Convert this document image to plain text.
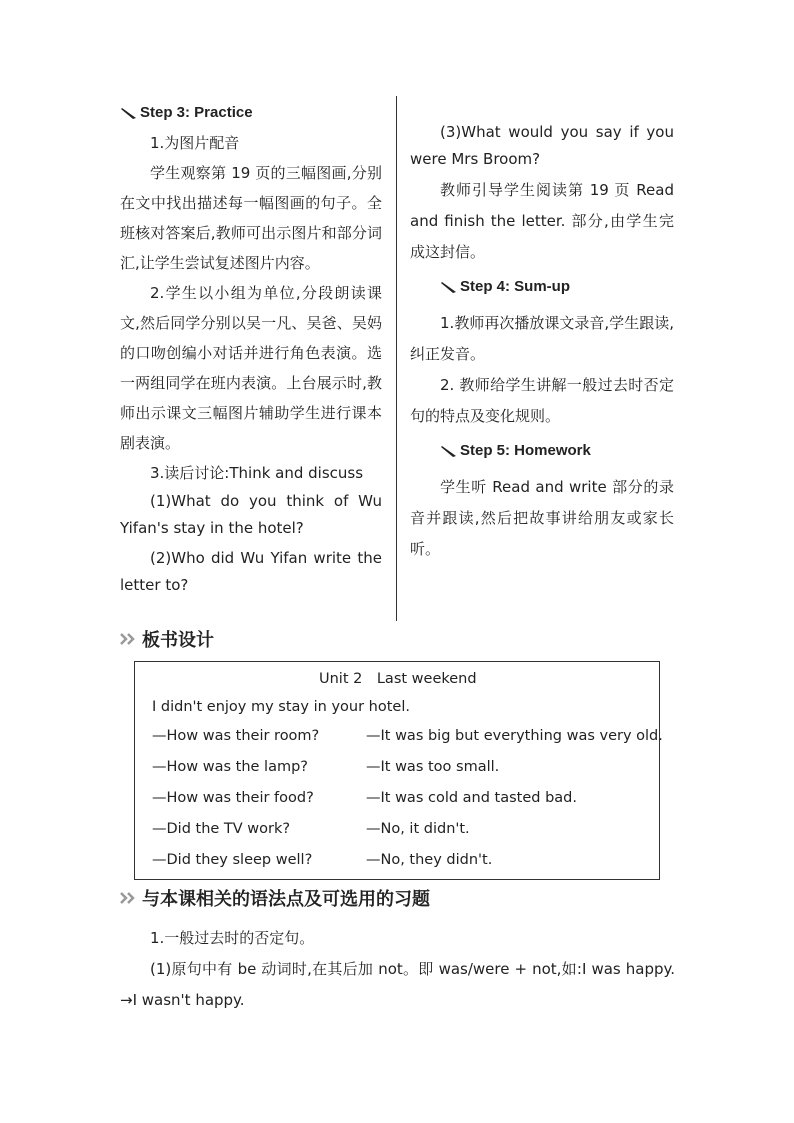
Step 3: Practice

1.为图片配音

学生观察第 19 页的三幅图画,分别在文中找出描述每一幅图画的句子。全班核对答案后,教师可出示图片和部分词汇,让学生尝试复述图片内容。

2.学生以小组为单位,分段朗读课文,然后同学分别以吴一凡、吴爸、吴妈的口吻创编小对话并进行角色表演。选一两组同学在班内表演。上台展示时,教师出示课文三幅图片辅助学生进行课本剧表演。

3.读后讨论:Think and discuss

(1)What do you think of Wu Yifan's stay in the hotel?

(2)Who did Wu Yifan write the letter to?

(3)What would you say if you were Mrs Broom?

教师引导学生阅读第 19 页 Read and finish the letter. 部分,由学生完成这封信。

Step 4: Sum-up

1.教师再次播放课文录音,学生跟读,纠正发音。

2. 教师给学生讲解一般过去时否定句的特点及变化规则。

Step 5: Homework

学生听 Read and write 部分的录音并跟读,然后把故事讲给朋友或家长听。

板书设计
Unit 2　Last weekend
I didn't enjoy my stay in your hotel.
—How was their room?	—It was big but everything was very old.
—How was the lamp?	—It was too small.
—How was their food?	—It was cold and tasted bad.
—Did the TV work?	—No, it didn't.
—Did they sleep well?	—No, they didn't.
与本课相关的语法点及可选用的习题

1.一般过去时的否定句。

(1)原句中有 be 动词时,在其后加 not。即 was/were + not,如:I was happy. →I wasn't happy.
